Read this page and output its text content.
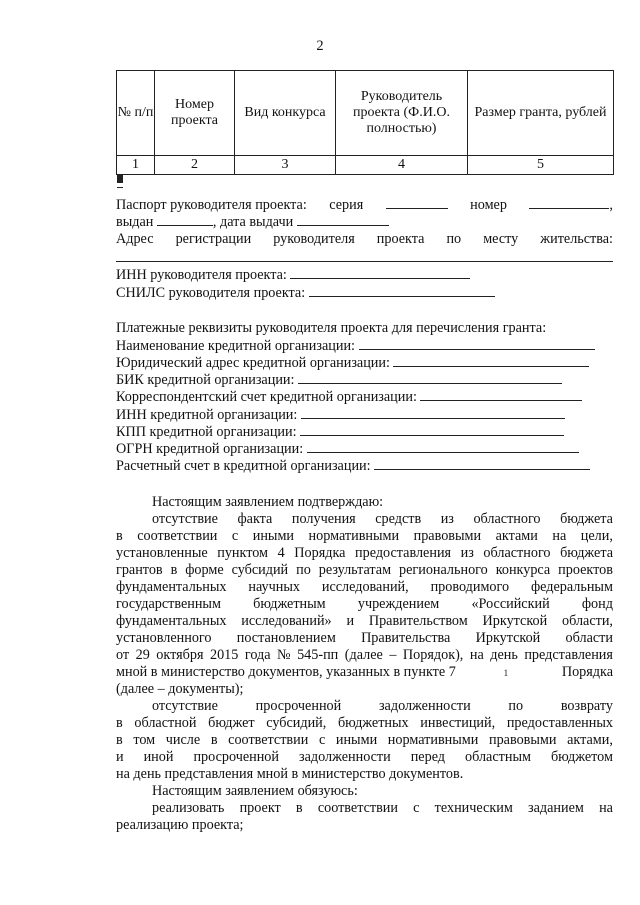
2
№ п/п	Номер проекта	Вид конкурса	Руководитель проекта (Ф.И.О. полностью)	Размер гранта, рублей
1	2	3	4	5

Паспорт руководителя проекта: серия	номер	,
выдан	, дата выдачи
Адрес регистрации руководителя проекта по месту жительства:
ИНН руководителя проекта:
СНИЛС руководителя проекта:
Платежные реквизиты руководителя проекта для перечисления гранта:
Наименование кредитной организации:
Юридический адрес кредитной организации:
БИК кредитной организации:
Корреспондентский счет кредитной организации:
ИНН кредитной организации:
КПП кредитной организации:
ОГРН кредитной организации:
Расчетный счет в кредитной организации:
Настоящим заявлением подтверждаю:
отсутствие факта получения средств из областного бюджета
в соответствии с иными нормативными правовыми актами на цели,
установленные пунктом 4 Порядка предоставления из областного бюджета
грантов в форме субсидий по результатам регионального конкурса проектов
фундаментальных научных исследований, проводимого федеральным
государственным бюджетным учреждением «Российский фонд
фундаментальных исследований» и Правительством Иркутской области,
установленного постановлением Правительства Иркутской области
от 29 октября 2015 года № 545-пп (далее – Порядок), на день представления
мной в министерство документов, указанных в пункте 7	1	Порядка
(далее – документы);
отсутствие	просроченной	задолженности	по	возврату
в областной бюджет субсидий, бюджетных инвестиций, предоставленных
в том числе в соответствии с иными нормативными правовыми актами,
и иной просроченной задолженности перед областным бюджетом
на день представления мной в министерство документов.
Настоящим заявлением обязуюсь:
реализовать проект в соответствии с техническим заданием на
реализацию проекта;
